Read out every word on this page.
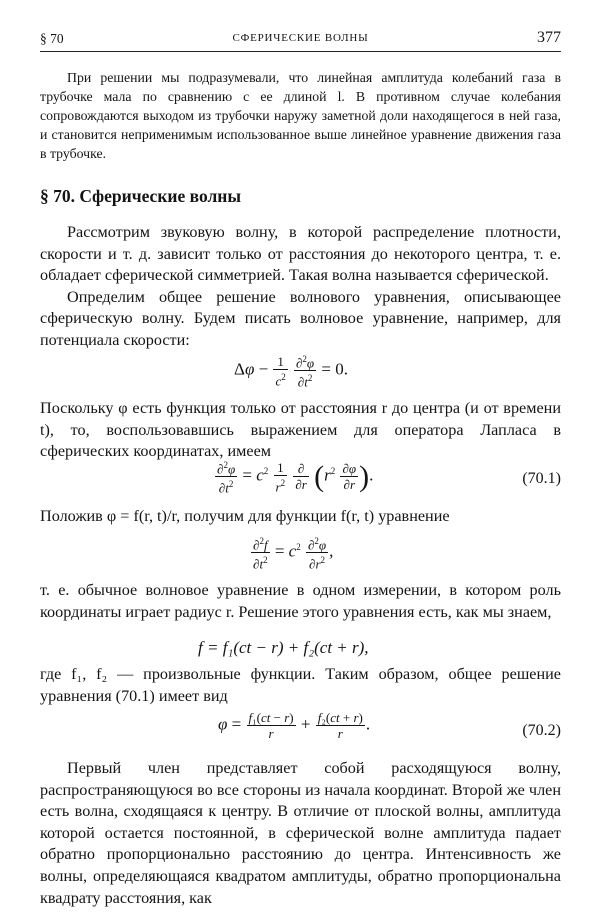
§ 70	СФЕРИЧЕСКИЕ ВОЛНЫ	377

При решении мы подразумевали, что линейная амплитуда колебаний газа в трубочке мала по сравнению с ее длиной l. В противном случае колебания сопровождаются выходом из трубочки наружу заметной доли находящегося в ней газа, и становится неприменимым использованное выше линейное уравнение движения газа в трубочке.

§ 70. Сферические волны

Рассмотрим звуковую волну, в которой распределение плотности, скорости и т. д. зависит только от расстояния до некоторого центра, т. е. обладает сферической симметрией. Такая волна называется сферической.

Определим общее решение волнового уравнения, описывающее сферическую волну. Будем писать волновое уравнение, например, для потенциала скорости:

$\Delta\varphi - \frac{1}{c^2}$
$\frac{\partial^2\varphi}{\partial t^2} = 0$.

Поскольку φ есть функция только от расстояния r до центра (и от времени t), то, воспользовавшись выражением для оператора Лапласа в сферических координатах, имеем

$\frac{\partial^2\varphi}{\partial t^2} = c^2 \frac{1}{r^2}$
∂
∂r ($r^2 \frac{\partial\varphi}{\partial r}$ ).	(70.1)

Положив φ = f(r, t)/r, получим для функции f(r, t) уравнение

$\frac{\partial^2f}{\partial t^2} = c^2 \frac{\partial^2\varphi}{\partial r^2}$ ,

т. е. обычное волновое уравнение в одном измерении, в котором роль координаты играет радиус r. Решение этого уравнения есть, как мы знаем,

f = f₁(ct − r) + f₂(ct + r),

где f₁, f₂ — произвольные функции. Таким образом, общее решение уравнения (70.1) имеет вид

$\varphi = \frac{\text{f₁(ct − r)}}{r} + \frac{\text{f₂(ct + r)}}{r}$ .	(70.2)

Первый член представляет собой расходящуюся волну, распространяющуюся во все стороны из начала координат. Второй же член есть волна, сходящаяся к центру. В отличие от плоской волны, амплитуда которой остается постоянной, в сферической волне амплитуда падает обратно пропорционально расстоянию до центра. Интенсивность же волны, определяющаяся квадратом амплитуды, обратно пропорциональна квадрату расстояния, как
